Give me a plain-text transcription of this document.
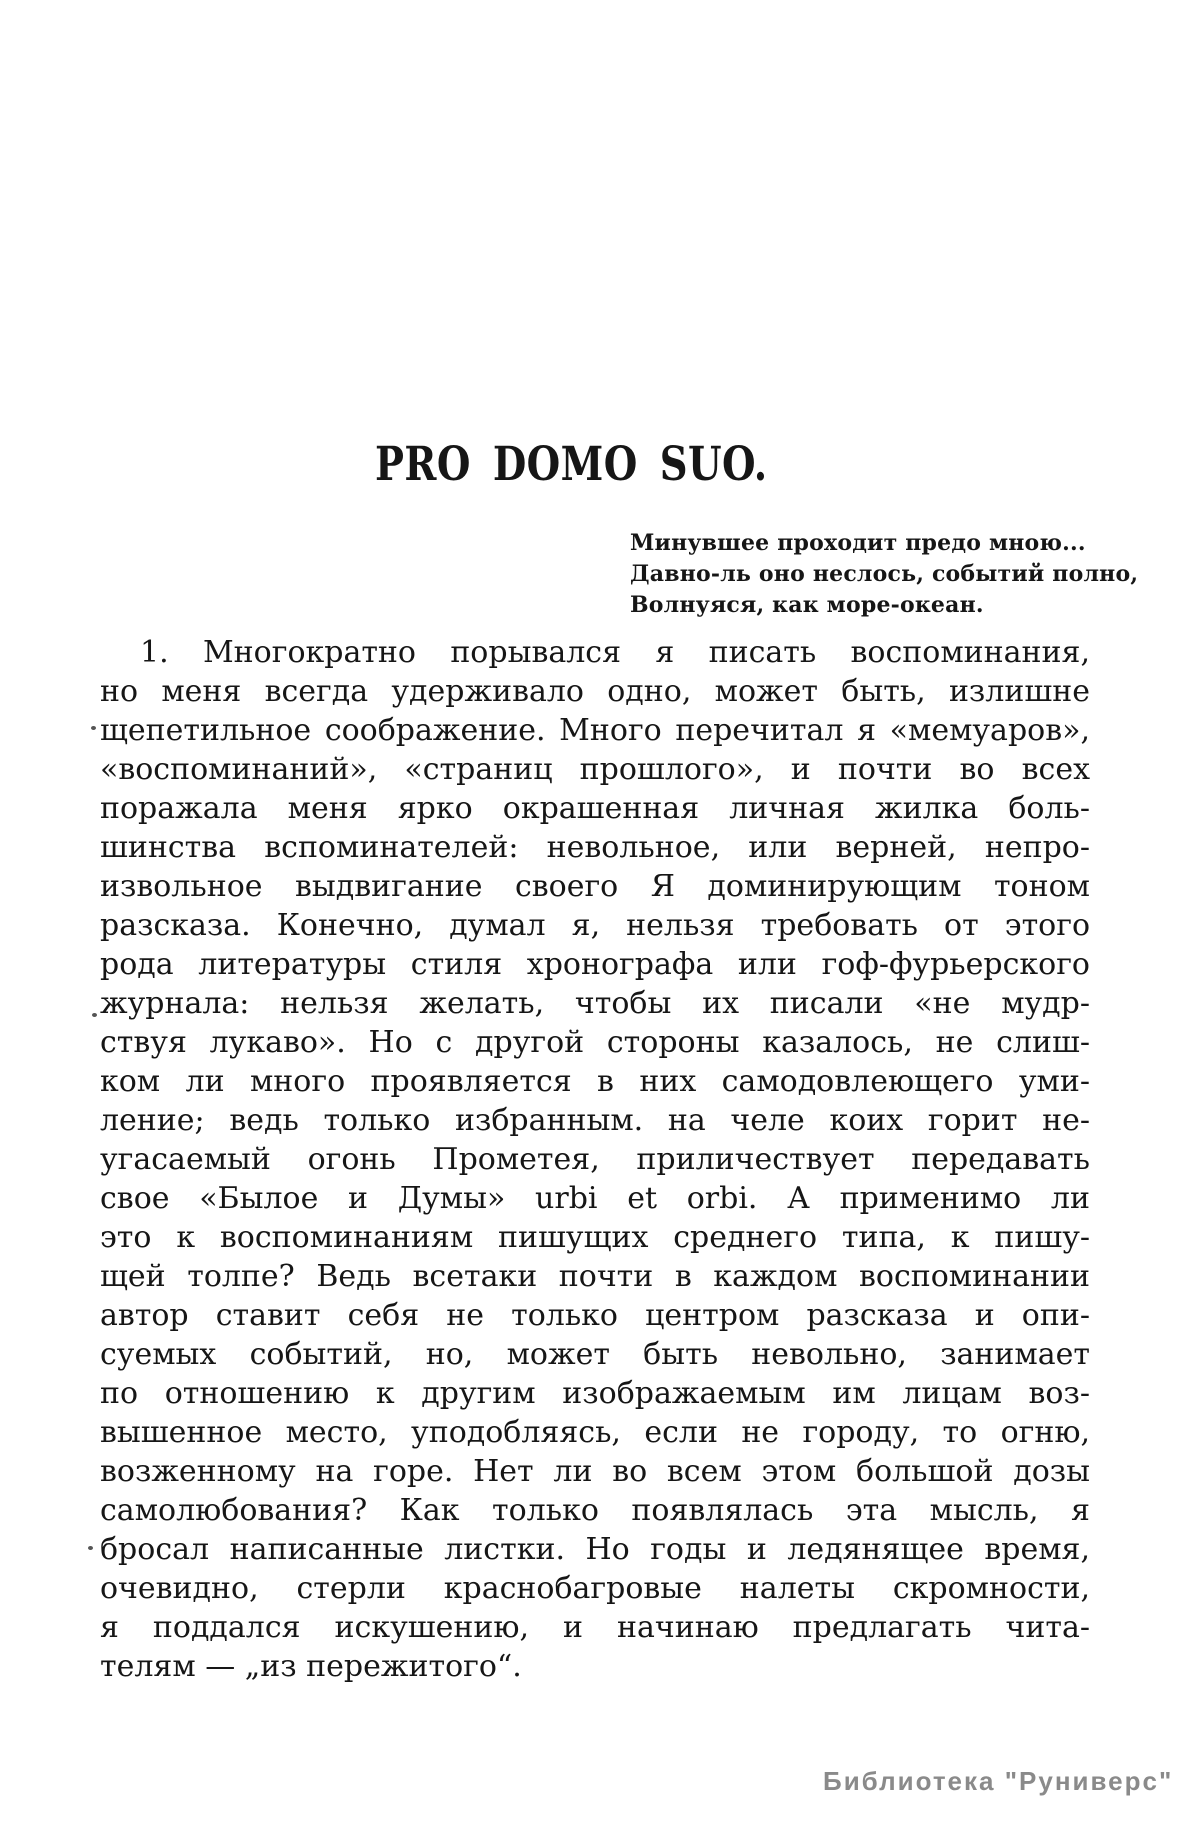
PRO DOMO SUO.
Минувшее проходит предо мною...
Давно-ль оно неслось, событий полно,
Волнуяся, как море-океан.
1. Многократно порывался я писать воспоминания,
но меня всегда удерживало одно, может быть, излишне
щепетильное соображение. Много перечитал я «мемуаров»,
«воспоминаний», «страниц прошлого», и почти во всех
поражала меня ярко окрашенная личная жилка боль-
шинства вспоминателей: невольное, или верней, непро-
извольное выдвигание своего Я доминирующим тоном
разсказа. Конечно, думал я, нельзя требовать от этого
рода литературы стиля хронографа или гоф-фурьерского
журнала: нельзя желать, чтобы их писали «не мудр-
ствуя лукаво». Но с другой стороны казалось, не слиш-
ком ли много проявляется в них самодовлеющего уми-
ление; ведь только избранным. на челе коих горит не-
угасаемый огонь Прометея, приличествует передавать
свое «Былое и Думы» urbi et orbi. А применимо ли
это к воспоминаниям пишущих среднего типа, к пишу-
щей толпе? Ведь всетаки почти в каждом воспоминании
автор ставит себя не только центром разсказа и опи-
суемых событий, но, может быть невольно, занимает
по отношению к другим изображаемым им лицам воз-
вышенное место, уподобляясь, если не городу, то огню,
возженному на горе. Нет ли во всем этом большой дозы
самолюбования? Как только появлялась эта мысль, я
бросал написанные листки. Но годы и ледянящее время,
очевидно, стерли краснобагровые налеты скромности,
я поддался искушению, и начинаю предлагать чита-
телям — „из пережитого“.
Библиотека "Руниверс"
